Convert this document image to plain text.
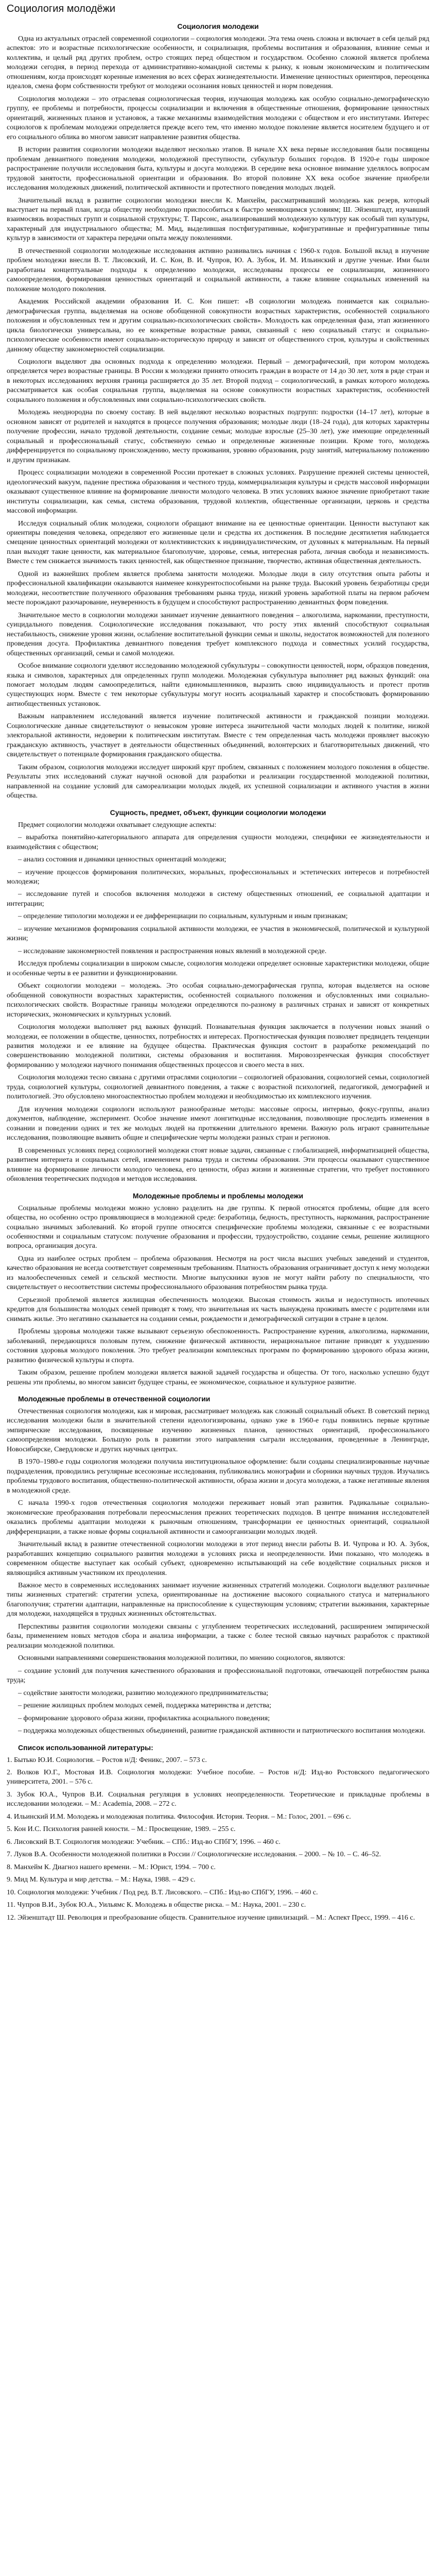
Социология молодёжи
Социология молодежи

Одна из актуальных отраслей современной социологии – социология молодежи. Эта тема очень сложна и включает в себя целый ряд аспектов: это и возрастные психологические особенности, и социализация, проблемы воспитания и образования, влияние семьи и коллектива, и целый ряд других проблем, остро стоящих перед обществом и государством. Особенно сложной является проблема молодежи сегодня, в период перехода от административно-командной системы к рынку, к новым экономическим и политическим отношениям, когда происходят коренные изменения во всех сферах жизнедеятельности. Изменение ценностных ориентиров, переоценка идеалов, смена форм собственности требуют от молодежи осознания новых ценностей и норм поведения.

Социология молодежи – это отраслевая социологическая теория, изучающая молодежь как особую социально-демографическую группу, ее проблемы и потребности, процессы социализации и включения в общественные отношения, формирование ценностных ориентаций, жизненных планов и установок, а также механизмы взаимодействия молодежи с обществом и его институтами. Интерес социологов к проблемам молодежи определяется прежде всего тем, что именно молодое поколение является носителем будущего и от его социального облика во многом зависит направление развития общества.

В истории развития социологии молодежи выделяют несколько этапов. В начале XX века первые исследования были посвящены проблемам девиантного поведения молодежи, молодежной преступности, субкультур больших городов. В 1920-е годы широкое распространение получили исследования быта, культуры и досуга молодежи. В середине века основное внимание уделялось вопросам трудовой занятости, профессиональной ориентации и образования. Во второй половине XX века особое значение приобрели исследования молодежных движений, политической активности и протестного поведения молодых людей.

Значительный вклад в развитие социологии молодежи внесли К. Манхейм, рассматривавший молодежь как резерв, который выступает на первый план, когда обществу необходимо приспособиться к быстро меняющимся условиям; Ш. Эйзенштадт, изучавший взаимосвязь возрастных групп и социальной структуры; Т. Парсонс, анализировавший молодежную культуру как особый тип культуры, характерный для индустриального общества; М. Мид, выделившая постфигуративные, кофигуративные и префигуративные типы культур в зависимости от характера передачи опыта между поколениями.

В отечественной социологии молодежные исследования активно развивались начиная с 1960-х годов. Большой вклад в изучение проблем молодежи внесли В. Т. Лисовский, И. С. Кон, В. И. Чупров, Ю. А. Зубок, И. М. Ильинский и другие ученые. Ими были разработаны концептуальные подходы к определению молодежи, исследованы процессы ее социализации, жизненного самоопределения, формирования ценностных ориентаций и социальной активности, а также влияние социальных изменений на положение молодого поколения.

Академик Российской академии образования И. С. Кон пишет: «В социологии молодежь понимается как социально-демографическая группа, выделяемая на основе обобщенной совокупности возрастных характеристик, особенностей социального положения и обусловленных тем и другим социально-психологических свойств». Молодость как определенная фаза, этап жизненного цикла биологически универсальна, но ее конкретные возрастные рамки, связанный с нею социальный статус и социально-психологические особенности имеют социально-историческую природу и зависят от общественного строя, культуры и свойственных данному обществу закономерностей социализации.

Социологи выделяют два основных подхода к определению молодежи. Первый – демографический, при котором молодежь определяется через возрастные границы. В России к молодежи принято относить граждан в возрасте от 14 до 30 лет, хотя в ряде стран и в некоторых исследованиях верхняя граница расширяется до 35 лет. Второй подход – социологический, в рамках которого молодежь рассматривается как особая социальная группа, выделяемая на основе совокупности возрастных характеристик, особенностей социального положения и обусловленных ими социально-психологических свойств.

Молодежь неоднородна по своему составу. В ней выделяют несколько возрастных подгрупп: подростки (14–17 лет), которые в основном зависят от родителей и находятся в процессе получения образования; молодые люди (18–24 года), для которых характерны получение профессии, начало трудовой деятельности, создание семьи; молодые взрослые (25–30 лет), уже имеющие определенный социальный и профессиональный статус, собственную семью и определенные жизненные позиции. Кроме того, молодежь дифференцируется по социальному происхождению, месту проживания, уровню образования, роду занятий, материальному положению и другим признакам.

Процесс социализации молодежи в современной России протекает в сложных условиях. Разрушение прежней системы ценностей, идеологический вакуум, падение престижа образования и честного труда, коммерциализация культуры и средств массовой информации оказывают существенное влияние на формирование личности молодого человека. В этих условиях важное значение приобретают такие институты социализации, как семья, система образования, трудовой коллектив, общественные организации, церковь и средства массовой информации.

Исследуя социальный облик молодежи, социологи обращают внимание на ее ценностные ориентации. Ценности выступают как ориентиры поведения человека, определяют его жизненные цели и средства их достижения. В последние десятилетия наблюдается смещение ценностных ориентаций молодежи от коллективистских к индивидуалистическим, от духовных к материальным. На первый план выходят такие ценности, как материальное благополучие, здоровье, семья, интересная работа, личная свобода и независимость. Вместе с тем снижается значимость таких ценностей, как общественное признание, творчество, активная общественная деятельность.

Одной из важнейших проблем является проблема занятости молодежи. Молодые люди в силу отсутствия опыта работы и профессиональной квалификации оказываются наименее конкурентоспособными на рынке труда. Высокий уровень безработицы среди молодежи, несоответствие полученного образования требованиям рынка труда, низкий уровень заработной платы на первом рабочем месте порождают разочарование, неуверенность в будущем и способствуют распространению девиантных форм поведения.

Значительное место в социологии молодежи занимает изучение девиантного поведения – алкоголизма, наркомании, преступности, суицидального поведения. Социологические исследования показывают, что росту этих явлений способствуют социальная нестабильность, снижение уровня жизни, ослабление воспитательной функции семьи и школы, недостаток возможностей для полезного проведения досуга. Профилактика девиантного поведения требует комплексного подхода и совместных усилий государства, общественных организаций, семьи и самой молодежи.

Особое внимание социологи уделяют исследованию молодежной субкультуры – совокупности ценностей, норм, образцов поведения, языка и символов, характерных для определенных групп молодежи. Молодежная субкультура выполняет ряд важных функций: она помогает молодым людям самоопределиться, найти единомышленников, выразить свою индивидуальность и протест против существующих норм. Вместе с тем некоторые субкультуры могут носить асоциальный характер и способствовать формированию антиобщественных установок.

Важным направлением исследований является изучение политической активности и гражданской позиции молодежи. Социологические данные свидетельствуют о невысоком уровне интереса значительной части молодых людей к политике, низкой электоральной активности, недоверии к политическим институтам. Вместе с тем определенная часть молодежи проявляет высокую гражданскую активность, участвует в деятельности общественных объединений, волонтерских и благотворительных движений, что свидетельствует о потенциале формирования гражданского общества.

Таким образом, социология молодежи исследует широкий круг проблем, связанных с положением молодого поколения в обществе. Результаты этих исследований служат научной основой для разработки и реализации государственной молодежной политики, направленной на создание условий для самореализации молодых людей, их успешной социализации и активного участия в жизни общества.

Сущность, предмет, объект, функции социологии молодежи

Предмет социологии молодежи охватывает следующие аспекты:

– выработка понятийно-категориального аппарата для определения сущности молодежи, специфики ее жизнедеятельности и взаимодействия с обществом;

– анализ состояния и динамики ценностных ориентаций молодежи;

– изучение процессов формирования политических, моральных, профессиональных и эстетических интересов и потребностей молодежи;

– исследование путей и способов включения молодежи в систему общественных отношений, ее социальной адаптации и интеграции;

– определение типологии молодежи и ее дифференциации по социальным, культурным и иным признакам;

– изучение механизмов формирования социальной активности молодежи, ее участия в экономической, политической и культурной жизни;

– исследование закономерностей появления и распространения новых явлений в молодежной среде.

Исследуя проблемы социализации в широком смысле, социология молодежи определяет основные характеристики молодежи, общие и особенные черты в ее развитии и функционировании.

Объект социологии молодежи – молодежь. Это особая социально-демографическая группа, которая выделяется на основе обобщенной совокупности возрастных характеристик, особенностей социального положения и обусловленных ими социально-психологических свойств. Возрастные границы молодежи определяются по-разному в различных странах и зависят от конкретных исторических, экономических и культурных условий.

Социология молодежи выполняет ряд важных функций. Познавательная функция заключается в получении новых знаний о молодежи, ее положении в обществе, ценностях, потребностях и интересах. Прогностическая функция позволяет предвидеть тенденции развития молодежи и ее влияние на будущее общества. Практическая функция состоит в разработке рекомендаций по совершенствованию молодежной политики, системы образования и воспитания. Мировоззренческая функция способствует формированию у молодежи научного понимания общественных процессов и своего места в них.

Социология молодежи тесно связана с другими отраслями социологии – социологией образования, социологией семьи, социологией труда, социологией культуры, социологией девиантного поведения, а также с возрастной психологией, педагогикой, демографией и политологией. Это обусловлено многоаспектностью проблем молодежи и необходимостью их комплексного изучения.

Для изучения молодежи социологи используют разнообразные методы: массовые опросы, интервью, фокус-группы, анализ документов, наблюдение, эксперимент. Особое значение имеют лонгитюдные исследования, позволяющие проследить изменения в сознании и поведении одних и тех же молодых людей на протяжении длительного времени. Важную роль играют сравнительные исследования, позволяющие выявить общие и специфические черты молодежи разных стран и регионов.

В современных условиях перед социологией молодежи стоят новые задачи, связанные с глобализацией, информатизацией общества, развитием интернета и социальных сетей, изменением рынка труда и системы образования. Эти процессы оказывают существенное влияние на формирование личности молодого человека, его ценности, образ жизни и жизненные стратегии, что требует постоянного обновления теоретических подходов и методов исследования.

Молодежные проблемы и проблемы молодежи

Социальные проблемы молодежи можно условно разделить на две группы. К первой относятся проблемы, общие для всего общества, но особенно остро проявляющиеся в молодежной среде: безработица, бедность, преступность, наркомания, распространение социально значимых заболеваний. Ко второй группе относятся специфические проблемы молодежи, связанные с ее возрастными особенностями и социальным статусом: получение образования и профессии, трудоустройство, создание семьи, решение жилищного вопроса, организация досуга.

Одна из наиболее острых проблем – проблема образования. Несмотря на рост числа высших учебных заведений и студентов, качество образования не всегда соответствует современным требованиям. Платность образования ограничивает доступ к нему молодежи из малообеспеченных семей и сельской местности. Многие выпускники вузов не могут найти работу по специальности, что свидетельствует о несоответствии системы профессионального образования потребностям рынка труда.

Серьезной проблемой является жилищная обеспеченность молодежи. Высокая стоимость жилья и недоступность ипотечных кредитов для большинства молодых семей приводят к тому, что значительная их часть вынуждена проживать вместе с родителями или снимать жилье. Это негативно сказывается на создании семьи, рождаемости и демографической ситуации в стране в целом.

Проблемы здоровья молодежи также вызывают серьезную обеспокоенность. Распространение курения, алкоголизма, наркомании, заболеваний, передающихся половым путем, снижение физической активности, нерациональное питание приводят к ухудшению состояния здоровья молодого поколения. Это требует реализации комплексных программ по формированию здорового образа жизни, развитию физической культуры и спорта.

Таким образом, решение проблем молодежи является важной задачей государства и общества. От того, насколько успешно будут решены эти проблемы, во многом зависит будущее страны, ее экономическое, социальное и культурное развитие.

Молодежные проблемы в отечественной социологии

Отечественная социология молодежи, как и мировая, рассматривает молодежь как сложный социальный объект. В советский период исследования молодежи были в значительной степени идеологизированы, однако уже в 1960-е годы появились первые крупные эмпирические исследования, посвященные изучению жизненных планов, ценностных ориентаций, профессионального самоопределения молодежи. Большую роль в развитии этого направления сыграли исследования, проведенные в Ленинграде, Новосибирске, Свердловске и других научных центрах.

В 1970–1980-е годы социология молодежи получила институциональное оформление: были созданы специализированные научные подразделения, проводились регулярные всесоюзные исследования, публиковались монографии и сборники научных трудов. Изучались проблемы трудового воспитания, общественно-политической активности, образа жизни и досуга молодежи, а также негативные явления в молодежной среде.

С начала 1990-х годов отечественная социология молодежи переживает новый этап развития. Радикальные социально-экономические преобразования потребовали переосмысления прежних теоретических подходов. В центре внимания исследователей оказались проблемы адаптации молодежи к рыночным отношениям, трансформации ее ценностных ориентаций, социальной дифференциации, а также новые формы социальной активности и самоорганизации молодых людей.

Значительный вклад в развитие отечественной социологии молодежи в этот период внесли работы В. И. Чупрова и Ю. А. Зубок, разработавших концепцию социального развития молодежи в условиях риска и неопределенности. Ими показано, что молодежь в современном обществе выступает как особый субъект, одновременно испытывающий на себе воздействие социальных рисков и являющийся активным участником их преодоления.

Важное место в современных исследованиях занимает изучение жизненных стратегий молодежи. Социологи выделяют различные типы жизненных стратегий: стратегии успеха, ориентированные на достижение высокого социального статуса и материального благополучия; стратегии адаптации, направленные на приспособление к существующим условиям; стратегии выживания, характерные для молодежи, находящейся в трудных жизненных обстоятельствах.

Перспективы развития социологии молодежи связаны с углублением теоретических исследований, расширением эмпирической базы, применением новых методов сбора и анализа информации, а также с более тесной связью научных разработок с практикой реализации молодежной политики.

Основными направлениями совершенствования молодежной политики, по мнению социологов, являются:

– создание условий для получения качественного образования и профессиональной подготовки, отвечающей потребностям рынка труда;

– содействие занятости молодежи, развитию молодежного предпринимательства;

– решение жилищных проблем молодых семей, поддержка материнства и детства;

– формирование здорового образа жизни, профилактика асоциального поведения;

– поддержка молодежных общественных объединений, развитие гражданской активности и патриотического воспитания молодежи.

Список использованной литературы:
1. Бытько Ю.И. Социология. – Ростов н/Д: Феникс, 2007. – 573 с.
2. Волков Ю.Г., Мостовая И.В. Социология молодежи: Учебное пособие. – Ростов н/Д: Изд-во Ростовского педагогического университета, 2001. – 576 с.
3. Зубок Ю.А., Чупров В.И. Социальная регуляция в условиях неопределенности. Теоретические и прикладные проблемы в исследовании молодежи. – М.: Academia, 2008. – 272 с.
4. Ильинский И.М. Молодежь и молодежная политика. Философия. История. Теория. – М.: Голос, 2001. – 696 с.
5. Кон И.С. Психология ранней юности. – М.: Просвещение, 1989. – 255 с.
6. Лисовский В.Т. Социология молодежи: Учебник. – СПб.: Изд-во СПбГУ, 1996. – 460 с.
7. Луков В.А. Особенности молодежной политики в России // Социологические исследования. – 2000. – № 10. – С. 46–52.
8. Манхейм К. Диагноз нашего времени. – М.: Юрист, 1994. – 700 с.
9. Мид М. Культура и мир детства. – М.: Наука, 1988. – 429 с.
10. Социология молодежи: Учебник / Под ред. В.Т. Лисовского. – СПб.: Изд-во СПбГУ, 1996. – 460 с.
11. Чупров В.И., Зубок Ю.А., Уильямс К. Молодежь в обществе риска. – М.: Наука, 2001. – 230 с.
12. Эйзенштадт Ш. Революция и преобразование обществ. Сравнительное изучение цивилизаций. – М.: Аспект Пресс, 1999. – 416 с.
